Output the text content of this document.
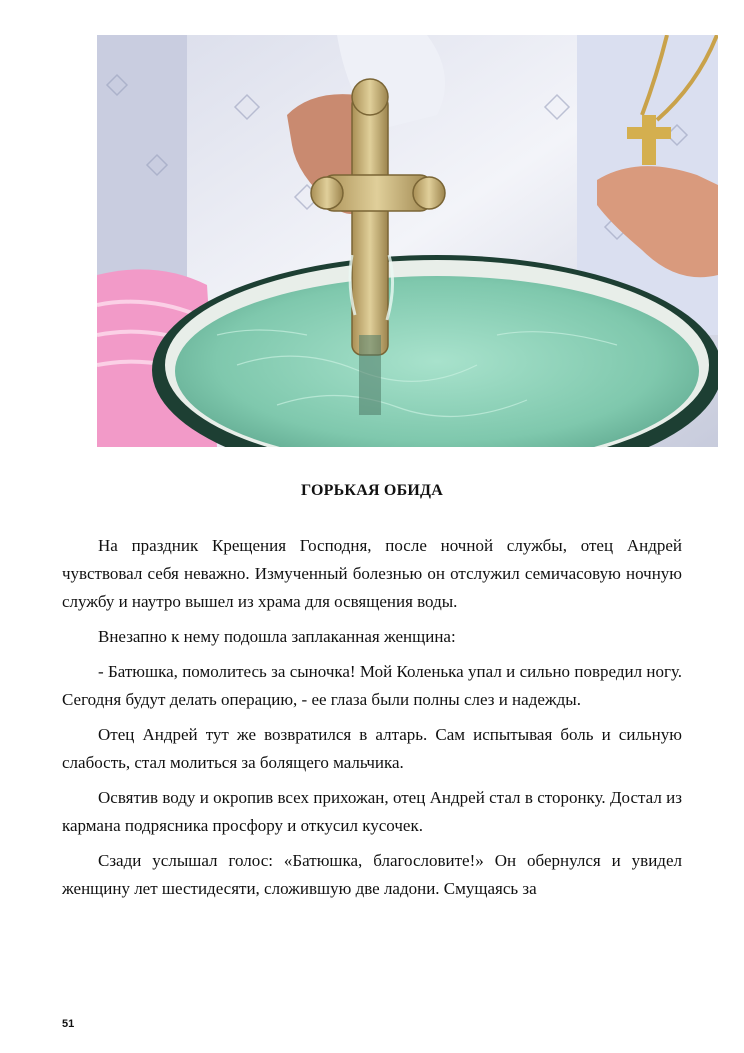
ГОРЬКАЯ ОБИДА

На праздник Крещения Господня, после ночной службы, отец Андрей чувствовал себя неважно. Измученный болезнью он отслужил семичасовую ночную службу и наутро вышел из храма для освящения воды.

Внезапно к нему подошла заплаканная женщина:

- Батюшка, помолитесь за сыночка! Мой Коленька упал и сильно повредил ногу. Сегодня будут делать операцию, - ее глаза были полны слез и надежды.

Отец Андрей тут же возвратился в алтарь. Сам испытывая боль и сильную слабость, стал молиться за болящего мальчика.

Освятив воду и окропив всех прихожан, отец Андрей стал в сторонку. Достал из кармана подрясника просфору и откусил кусочек.

Сзади услышал голос: «Батюшка, благословите!» Он обернулся и увидел женщину лет шестидесяти, сложившую две ладони. Смущаясь за

51
